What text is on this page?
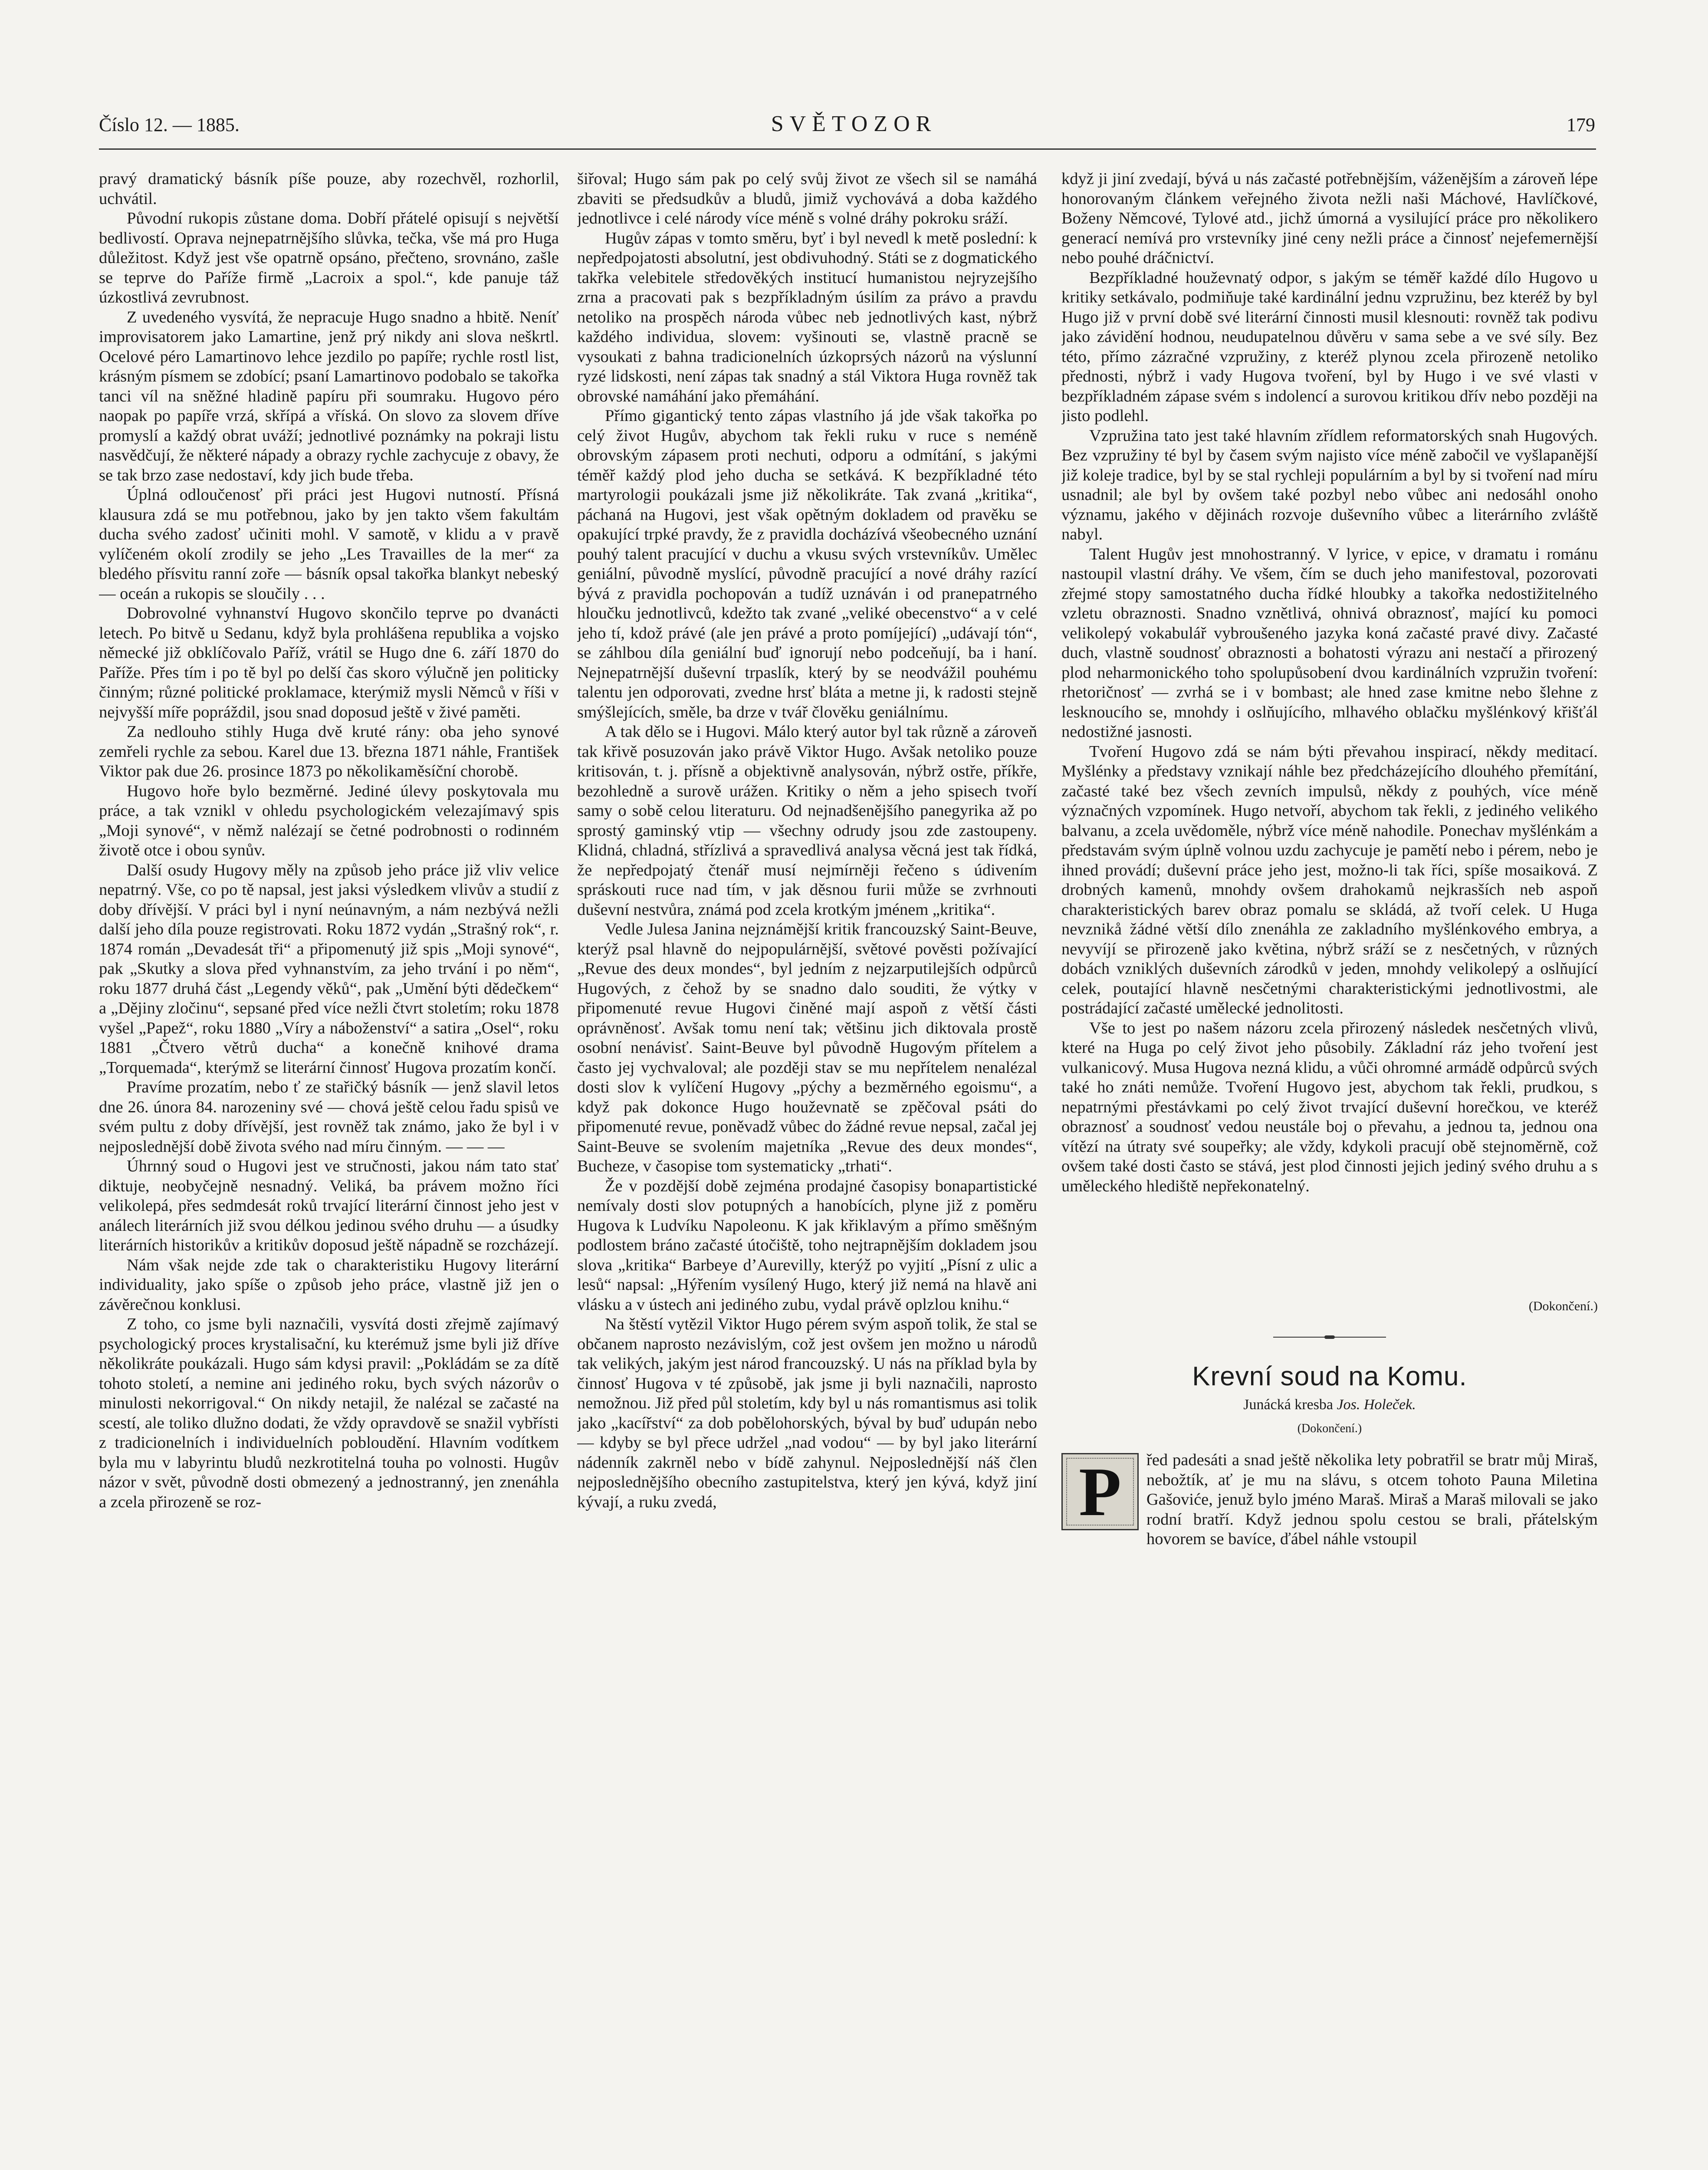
Číslo 12. — 1885.	SVĚTOZOR	179

pravý dramatický básník píše pouze, aby rozechvěl, rozhorlil, uchvátil.

Původní rukopis zůstane doma. Dobří přátelé opisují s největší bedlivostí. Oprava nejnepatrnějšího slůvka, tečka, vše má pro Huga důležitost. Když jest vše opatrně opsáno, přečteno, srovnáno, zašle se teprve do Paříže firmě „Lacroix a spol.“, kde panuje táž úzkostlivá zevrubnost.

Z uvedeného vysvítá, že nepracuje Hugo snadno a hbitě. Neníť improvisatorem jako Lamartine, jenž prý nikdy ani slova neškrtl. Ocelové péro Lamartinovo lehce jezdilo po papíře; rychle rostl list, krásným písmem se zdobící; psaní Lamartinovo podobalo se takořka tanci víl na sněžné hladině papíru při soumraku. Hugovo péro naopak po papíře vrzá, skřípá a vříská. On slovo za slovem dříve promyslí a každý obrat uváží; jednotlivé poznámky na pokraji listu nasvědčují, že některé nápady a obrazy rychle zachycuje z obavy, že se tak brzo zase nedostaví, kdy jich bude třeba.

Úplná odloučenosť při práci jest Hugovi nutností. Přísná klausura zdá se mu potřebnou, jako by jen takto všem fakultám ducha svého zadosť učiniti mohl. V samotě, v klidu a v pravě vylíčeném okolí zrodily se jeho „Les Travailles de la mer“ za bledého přísvitu ranní zoře — básník opsal takořka blankyt nebeský — oceán a rukopis se sloučily . . .

Dobrovolné vyhnanství Hugovo skončilo teprve po dvanácti letech. Po bitvě u Sedanu, když byla prohlášena republika a vojsko německé již obklíčovalo Paříž, vrátil se Hugo dne 6. září 1870 do Paříže. Přes tím i po tě byl po delší čas skoro výlučně jen politicky činným; různé politické proklamace, kterýmiž mysli Němců v říši v nejvyšší míře popráždil, jsou snad doposud ještě v živé paměti.

Za nedlouho stihly Huga dvě kruté rány: oba jeho synové zemřeli rychle za sebou. Karel due 13. března 1871 náhle, František Viktor pak due 26. prosince 1873 po několikaměsíční chorobě.

Hugovo hoře bylo bezměrné. Jediné úlevy poskytovala mu práce, a tak vznikl v ohledu psychologickém velezajímavý spis „Moji synové“, v němž nalézají se četné podrobnosti o rodinném životě otce i obou synův.

Další osudy Hugovy měly na způsob jeho práce již vliv velice nepatrný. Vše, co po tě napsal, jest jaksi výsledkem vlivův a studií z doby dřívější. V práci byl i nyní neúnavným, a nám nezbývá nežli další jeho díla pouze registrovati. Roku 1872 vydán „Strašný rok“, r. 1874 román „Devadesát tři“ a připomenutý již spis „Moji synové“, pak „Skutky a slova před vyhnanstvím, za jeho trvání i po něm“, roku 1877 druhá část „Legendy věků“, pak „Umění býti dědečkem“ a „Dějiny zločinu“, sepsané před více nežli čtvrt stoletím; roku 1878 vyšel „Papež“, roku 1880 „Víry a náboženství“ a satira „Osel“, roku 1881 „Čtvero větrů ducha“ a konečně knihové drama „Torquemada“, kterýmž se literární činnosť Hugova prozatím končí.

Pravíme prozatím, nebo ť ze stařičký básník — jenž slavil letos dne 26. února 84. narozeniny své — chová ještě celou řadu spisů ve svém pultu z doby dřívější, jest rovněž tak známo, jako že byl i v nejposlednější době života svého nad míru činným. — — —

Úhrnný soud o Hugovi jest ve stručnosti, jakou nám tato stať diktuje, neobyčejně nesnadný. Veliká, ba právem možno říci velikolepá, přes sedmdesát roků trvající literární činnost jeho jest v análech literárních již svou délkou jedinou svého druhu — a úsudky literárních historikův a kritikův doposud ještě nápadně se rozcházejí.

Nám však nejde zde tak o charakteristiku Hugovy literární individuality, jako spíše o způsob jeho práce, vlastně již jen o závěrečnou konklusi.

Z toho, co jsme byli naznačili, vysvítá dosti zřejmě zajímavý psychologický proces krystalisační, ku kterémuž jsme byli již dříve několikráte poukázali. Hugo sám kdysi pravil: „Pokládám se za dítě tohoto století, a nemine ani jediného roku, bych svých názorův o minulosti nekorrigoval.“ On nikdy netajil, že nalézal se začasté na scestí, ale toliko dlužno dodati, že vždy opravdově se snažil vybřísti z tradicionelních i individuelních pobloudění. Hlavním vodítkem byla mu v labyrintu bludů nezkrotitelná touha po volnosti. Hugův názor v svět, původně dosti obmezený a jednostranný, jen znenáhla a zcela přirozeně se roz-

šiřoval; Hugo sám pak po celý svůj život ze všech sil se namáhá zbaviti se předsudkův a bludů, jimiž vychovává a doba každého jednotlivce i celé národy více méně s volné dráhy pokroku sráží.

Hugův zápas v tomto směru, byť i byl nevedl k metě poslední: k nepředpojatosti absolutní, jest obdivuhodný. Státi se z dogmatického takřka velebitele středověkých institucí humanistou nejryzejšího zrna a pracovati pak s bezpříkladným úsilím za právo a pravdu netoliko na prospěch národa vůbec neb jednotlivých kast, nýbrž každého individua, slovem: vyšinouti se, vlastně pracně se vysoukati z bahna tradicionelních úzkoprsých názorů na výslunní ryzé lidskosti, není zápas tak snadný a stál Viktora Huga rovněž tak obrovské namáhání jako přemáhání.

Přímo gigantický tento zápas vlastního já jde však takořka po celý život Hugův, abychom tak řekli ruku v ruce s neméně obrovským zápasem proti nechuti, odporu a odmítání, s jakými téměř každý plod jeho ducha se setkává. K bezpříkladné této martyrologii poukázali jsme již několikráte. Tak zvaná „kritika“, páchaná na Hugovi, jest však opětným dokladem od pravěku se opakující trpké pravdy, že z pravidla docházívá všeobecného uznání pouhý talent pracující v duchu a vkusu svých vrstevníkův. Umělec geniální, původně myslící, původně pracující a nové dráhy razící bývá z pravidla pochopován a tudíž uznáván i od pranepatrného hloučku jednotlivců, kdežto tak zvané „veliké obecenstvo“ a v celé jeho tí, kdož právé (ale jen právé a proto pomíjející) „udávají tón“, se záhlbou díla geniální buď ignorují nebo podceňují, ba i haní. Nejnepatrnější duševní trpaslík, který by se neodvážil pouhému talentu jen odporovati, zvedne hrsť bláta a metne ji, k radosti stejně smýšlejících, směle, ba drze v tvář člověku geniálnímu.

A tak dělo se i Hugovi. Málo který autor byl tak různě a zároveň tak křivě posuzován jako právě Viktor Hugo. Avšak netoliko pouze kritisován, t. j. přísně a objektivně analysován, nýbrž ostře, příkře, bezohledně a surově urážen. Kritiky o něm a jeho spisech tvoří samy o sobě celou literaturu. Od nejnadšenějšího panegyrika až po sprostý gaminský vtip — všechny odrudy jsou zde zastoupeny. Klidná, chladná, střízlivá a spravedlivá analysa věcná jest tak řídká, že nepředpojatý čtenář musí nejmírněji řečeno s údivením spráskouti ruce nad tím, v jak děsnou furii může se zvrhnouti duševní nestvůra, známá pod zcela krotkým jménem „kritika“.

Vedle Julesa Janina nejznámější kritik francouzský Saint-Beuve, kterýž psal hlavně do nejpopulárnější, světové pověsti požívající „Revue des deux mondes“, byl jedním z nejzarputilejších odpůrců Hugových, z čehož by se snadno dalo souditi, že výtky v připomenuté revue Hugovi činěné mají aspoň z větší části oprávněnosť. Avšak tomu není tak; většinu jich diktovala prostě osobní nenávisť. Saint-Beuve byl původně Hugovým přítelem a často jej vychvaloval; ale později stav se mu nepřítelem nenalézal dosti slov k vylíčení Hugovy „pýchy a bezměrného egoismu“, a když pak dokonce Hugo houževnatě se zpěčoval psáti do připomenuté revue, poněvadž vůbec do žádné revue nepsal, začal jej Saint-Beuve se svolením majetníka „Revue des deux mondes“, Bucheze, v časopise tom systematicky „trhati“.

Že v pozdější době zejména prodajné časopisy bonapartistické nemívaly dosti slov potupných a hanobících, plyne již z poměru Hugova k Ludvíku Napoleonu. K jak křiklavým a přímo směšným podlostem bráno začasté útočiště, toho nejtrapnějším dokladem jsou slova „kritika“ Barbeye d’Aurevilly, kterýž po vyjití „Písní z ulic a lesů“ napsal: „Hýřením vysílený Hugo, který již nemá na hlavě ani vlásku a v ústech ani jediného zubu, vydal právě oplzlou knihu.“

Na štěstí vytězil Viktor Hugo pérem svým aspoň tolik, že stal se občanem naprosto nezávislým, což jest ovšem jen možno u národů tak velikých, jakým jest národ francouzský. U nás na příklad byla by činnosť Hugova v té způsobě, jak jsme ji byli naznačili, naprosto nemožnou. Již před půl stoletím, kdy byl u nás romantismus asi tolik jako „kacířství“ za dob pobělohorských, býval by buď udupán nebo — kdyby se byl přece udržel „nad vodou“ — by byl jako literární nádenník zakrněl nebo v bídě zahynul. Nejposlednější náš člen nejposlednějšího obecního zastupitelstva, který jen kývá, když jiní kývají, a ruku zvedá,

když ji jiní zvedají, bývá u nás začasté potřebnějším, váženějším a zároveň lépe honorovaným článkem veřejného života nežli naši Máchové, Havlíčkové, Boženy Němcové, Tylové atd., jichž úmorná a vysilující práce pro několikero generací nemívá pro vrstevníky jiné ceny nežli práce a činnosť nejefemernější nebo pouhé dráčnictví.

Bezpříkladné houževnatý odpor, s jakým se téměř každé dílo Hugovo u kritiky setkávalo, podmiňuje také kardinální jednu vzpružinu, bez kteréž by byl Hugo již v první době své literární činnosti musil klesnouti: rovněž tak podivu jako závidění hodnou, neudupatelnou důvěru v sama sebe a ve své síly. Bez této, přímo zázračné vzpružiny, z kteréž plynou zcela přirozeně netoliko přednosti, nýbrž i vady Hugova tvoření, byl by Hugo i ve své vlasti v bezpříkladném zápase svém s indolencí a surovou kritikou dřív nebo později na jisto podlehl.

Vzpružina tato jest také hlavním zřídlem reformatorských snah Hugových. Bez vzpružiny té byl by časem svým najisto více méně zabočil ve vyšlapanější již koleje tradice, byl by se stal rychleji populárním a byl by si tvoření nad míru usnadnil; ale byl by ovšem také pozbyl nebo vůbec ani nedosáhl onoho významu, jakého v dějinách rozvoje duševního vůbec a literárního zvláště nabyl.

Talent Hugův jest mnohostranný. V lyrice, v epice, v dramatu i románu nastoupil vlastní dráhy. Ve všem, čím se duch jeho manifestoval, pozorovati zřejmé stopy samostatného ducha řídké hloubky a takořka nedostižitelného vzletu obraznosti. Snadno vznětlivá, ohnivá obraznosť, mající ku pomoci velikolepý vokabulář vybroušeného jazyka koná začasté pravé divy. Začasté duch, vlastně soudnosť obraznosti a bohatosti výrazu ani nestačí a přirozený plod neharmonického toho spolupůsobení dvou kardinálních vzpružin tvoření: rhetoričnosť — zvrhá se i v bombast; ale hned zase kmitne nebo šlehne z lesknoucího se, mnohdy i oslňujícího, mlhavého oblačku myšlénkový křišťál nedostižné jasnosti.

Tvoření Hugovo zdá se nám býti převahou inspirací, někdy meditací. Myšlénky a představy vznikají náhle bez předcházejícího dlouhého přemítání, začasté také bez všech zevních impulsů, někdy z pouhých, více méně význačných vzpomínek. Hugo netvoří, abychom tak řekli, z jediného velikého balvanu, a zcela uvědoměle, nýbrž více méně nahodile. Ponechav myšlénkám a představám svým úplně volnou uzdu zachycuje je pamětí nebo i pérem, nebo je ihned provádí; duševní práce jeho jest, možno-li tak říci, spíše mosaiková. Z drobných kamenů, mnohdy ovšem drahokamů nejkrasších neb aspoň charakteristických barev obraz pomalu se skládá, až tvoří celek. U Huga nevznikå žádné větší dílo znenáhla ze zakladního myšlénkového embrya, a nevyvíjí se přirozeně jako květina, nýbrž sráží se z nesčetných, v různých dobách vzniklých duševních zárodků v jeden, mnohdy velikolepý a oslňující celek, poutající hlavně nesčetnými charakteristickými jednotlivostmi, ale postrádající začasté umělecké jednolitosti.

Vše to jest po našem názoru zcela přirozený následek nesčetných vlivů, které na Huga po celý život jeho působily. Základní ráz jeho tvoření jest vulkanicový. Musa Hugova nezná klidu, a vůči ohromné armádě odpůrců svých také ho znáti nemůže. Tvoření Hugovo jest, abychom tak řekli, prudkou, s nepatrnými přestávkami po celý život trvající duševní horečkou, ve kteréž obraznosť a soudnosť vedou neustále boj o převahu, a jednou ta, jednou ona vítězí na útraty své soupeřky; ale vždy, kdykoli pracují obě stejnoměrně, což ovšem také dosti často se stává, jest plod činnosti jejich jediný svého druhu a s uměleckého hlediště nepřekonatelný.

(Dokončení.)
Krevní soud na Komu.
Junácká kresba Jos. Holeček.
(Dokončení.)
P	řed padesáti a snad ještě několika lety pobratřil se bratr můj Miraš, nebožtík, ať je mu na slávu, s otcem tohoto Pauna Miletina Gašoviće, jenuž bylo jméno Maraš. Miraš a Maraš milovali se jako rodní bratří. Když jednou spolu cestou se brali, přátelským hovorem se bavíce, ďábel náhle vstoupil
